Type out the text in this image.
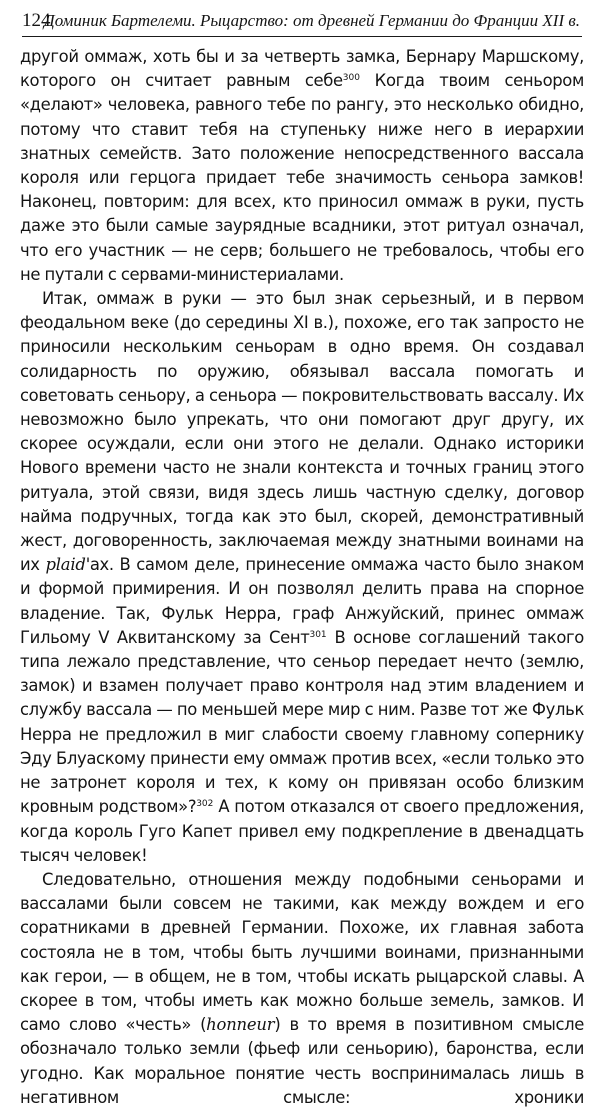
124
Доминик Бартелеми. Рыцарство: от древней Германии до Франции XII в.

другой оммаж, хоть бы и за четверть замка, Бернару Маршскому, которого он считает равным себе$^{300}$ Когда твоим сеньором «делают» человека, равного тебе по рангу, это несколько обидно, потому что ставит тебя на ступеньку ниже него в иерархии знатных семейств. Зато положение непосредственного вассала короля или герцога придает тебе значимость сеньора замков! Наконец, повторим: для всех, кто приносил оммаж в руки, пусть даже это были самые заурядные всадники, этот ритуал означал, что его участник — не серв; большего не требовалось, чтобы его не путали с сервами-министериалами.

Итак, оммаж в руки — это был знак серьезный, и в первом феодальном веке (до середины XI в.), похоже, его так запросто не приносили нескольким сеньорам в одно время. Он создавал солидарность по оружию, обязывал вассала помогать и советовать сеньору, а сеньора — покровительствовать вассалу. Их невозможно было упрекать, что они помогают друг другу, их скорее осуждали, если они этого не делали. Однако историки Нового времени часто не знали контекста и точных границ этого ритуала, этой связи, видя здесь лишь частную сделку, договор найма подручных, тогда как это был, скорей, демонстративный жест, договоренность, заключаемая между знатными воинами на их plaid'ах. В самом деле, принесение оммажа часто было знаком и формой примирения. И он позволял делить права на спорное владение. Так, Фульк Нерра, граф Анжуйский, принес оммаж Гильому V Аквитанскому за Сент$^{301}$ В основе соглашений такого типа лежало представление, что сеньор передает нечто (землю, замок) и взамен получает право контроля над этим владением и службу вассала — по меньшей мере мир с ним. Разве тот же Фульк Нерра не предложил в миг слабости своему главному сопернику Эду Блуаскому принести ему оммаж против всех, «если только это не затронет короля и тех, к кому он привязан особо близким кровным родством»?$^{302}$ А потом отказался от своего предложения, когда король Гуго Капет привел ему подкрепление в двенадцать тысяч человек!

Следовательно, отношения между подобными сеньорами и вассалами были совсем не такими, как между вождем и его соратниками в древней Германии. Похоже, их главная забота состояла не в том, чтобы быть лучшими воинами, признанными как герои, — в общем, не в том, чтобы искать рыцарской славы. А скорее в том, чтобы иметь как можно больше земель, замков. И само слово «честь» (honneur) в то время в позитивном смысле обозначало только земли (фьеф или сеньорию), баронства, если угодно. Как моральное понятие честь воспринималась лишь в негативном смысле: хроники
